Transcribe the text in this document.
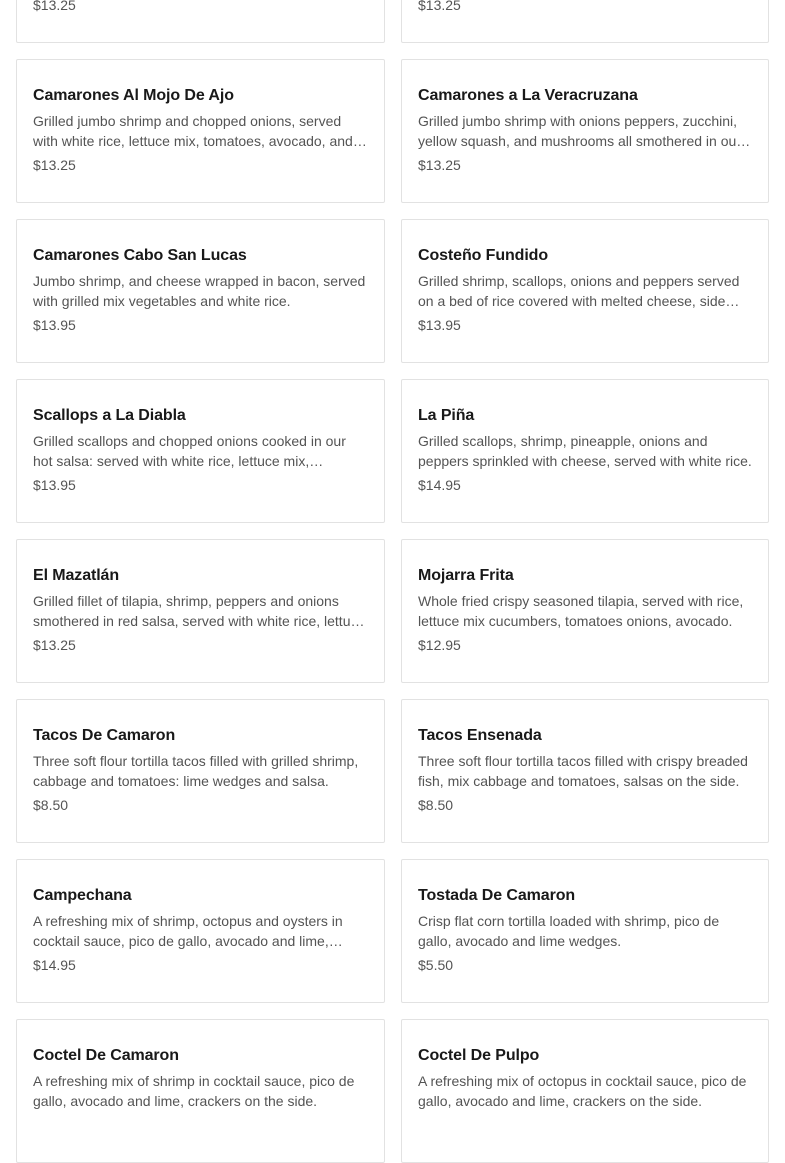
$13.25	$13.25
Camarones Al Mojo De Ajo
Grilled jumbo shrimp and chopped onions, served with white rice, lettuce mix, tomatoes, avocado, and
$13.25
Camarones a La Veracruzana
Grilled jumbo shrimp with onions peppers, zucchini, yellow squash, and mushrooms all smothered in our
$13.25
Camarones Cabo San Lucas
Jumbo shrimp, and cheese wrapped in bacon, served with grilled mix vegetables and white rice.
$13.95
Costeño Fundido
Grilled shrimp, scallops, onions and peppers served on a bed of rice covered with melted cheese, side
$13.95
Scallops a La Diabla
Grilled scallops and chopped onions cooked in our hot salsa: served with white rice, lettuce mix,
$13.95
La Piña
Grilled scallops, shrimp, pineapple, onions and peppers sprinkled with cheese, served with white rice.
$14.95
El Mazatlán
Grilled fillet of tilapia, shrimp, peppers and onions smothered in red salsa, served with white rice, lettuce
$13.25
Mojarra Frita
Whole fried crispy seasoned tilapia, served with rice, lettuce mix cucumbers, tomatoes onions, avocado.
$12.95
Tacos De Camaron
Three soft flour tortilla tacos filled with grilled shrimp, cabbage and tomatoes: lime wedges and salsa.
$8.50
Tacos Ensenada
Three soft flour tortilla tacos filled with crispy breaded fish, mix cabbage and tomatoes, salsas on the side.
$8.50
Campechana
A refreshing mix of shrimp, octopus and oysters in cocktail sauce, pico de gallo, avocado and lime,
$14.95
Tostada De Camaron
Crisp flat corn tortilla loaded with shrimp, pico de gallo, avocado and lime wedges.
$5.50
Coctel De Camaron
A refreshing mix of shrimp in cocktail sauce, pico de gallo, avocado and lime, crackers on the side.
Coctel De Pulpo
A refreshing mix of octopus in cocktail sauce, pico de gallo, avocado and lime, crackers on the side.
